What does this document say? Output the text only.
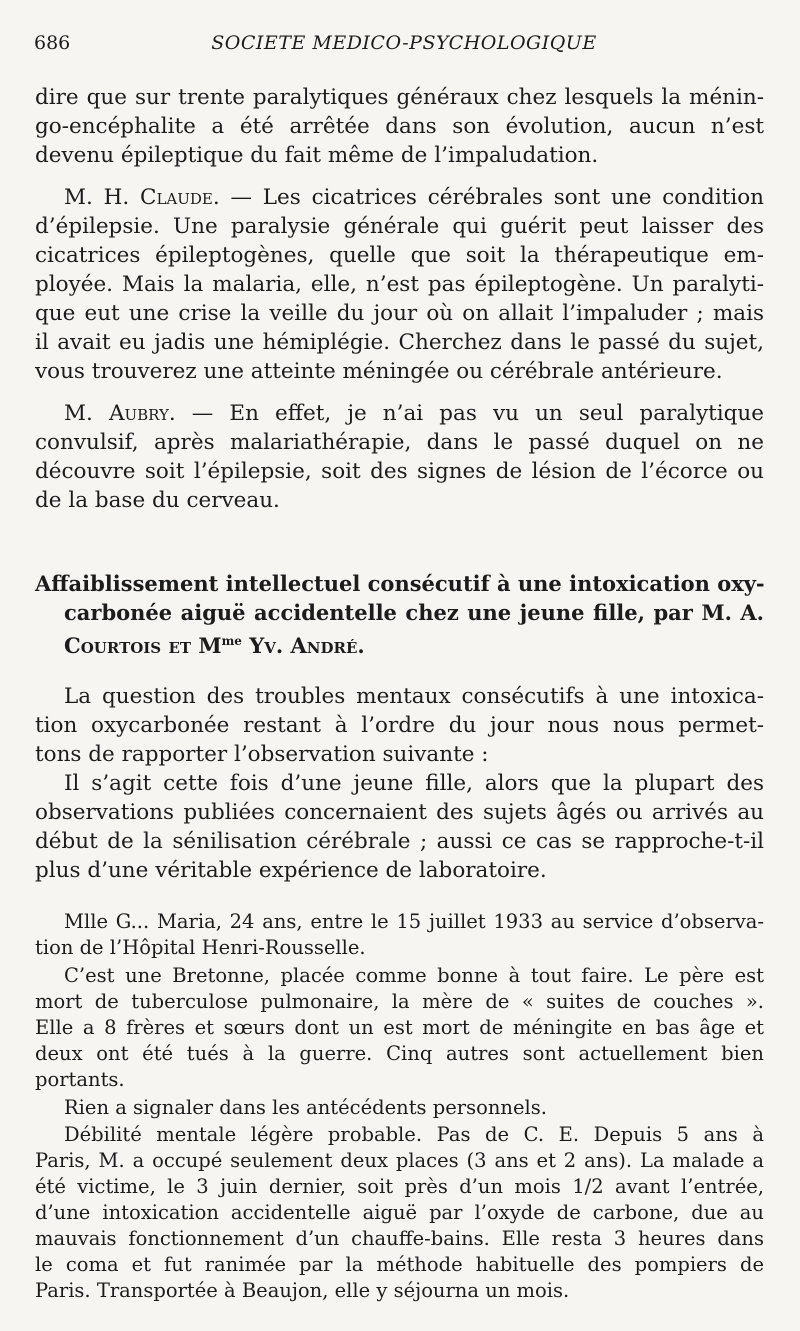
686	SOCIETE MEDICO-PSYCHOLOGIQUE
dire que sur trente paralytiques généraux chez lesquels la ménin-
go-encéphalite a été arrêtée dans son évolution, aucun n’est
devenu épileptique du fait même de l’impaludation.
M. H. Claude. — Les cicatrices cérébrales sont une condition
d’épilepsie. Une paralysie générale qui guérit peut laisser des
cicatrices épileptogènes, quelle que soit la thérapeutique em-
ployée. Mais la malaria, elle, n’est pas épileptogène. Un paralyti-
que eut une crise la veille du jour où on allait l’impaluder ; mais
il avait eu jadis une hémiplégie. Cherchez dans le passé du sujet,
vous trouverez une atteinte méningée ou cérébrale antérieure.
M. Aubry. — En effet, je n’ai pas vu un seul paralytique
convulsif, après malariathérapie, dans le passé duquel on ne
découvre soit l’épilepsie, soit des signes de lésion de l’écorce ou
de la base du cerveau.
Affaiblissement intellectuel consécutif à une intoxication oxy-
carbonée aiguë accidentelle chez une jeune fille, par M. A.
Courtois et $M^{me}$ Yv. André.
La question des troubles mentaux consécutifs à une intoxica-
tion oxycarbonée restant à l’ordre du jour nous nous permet-
tons de rapporter l’observation suivante :
Il s’agit cette fois d’une jeune fille, alors que la plupart des
observations publiées concernaient des sujets âgés ou arrivés au
début de la sénilisation cérébrale ; aussi ce cas se rapproche-t-il
plus d’une véritable expérience de laboratoire.
Mlle G... Maria, 24 ans, entre le 15 juillet 1933 au service d’observa-
tion de l’Hôpital Henri-Rousselle.
C’est une Bretonne, placée comme bonne à tout faire. Le père est
mort de tuberculose pulmonaire, la mère de « suites de couches ».
Elle a 8 frères et sœurs dont un est mort de méningite en bas âge et
deux ont été tués à la guerre. Cinq autres sont actuellement bien
portants.
Rien a signaler dans les antécédents personnels.
Débilité mentale légère probable. Pas de C. E. Depuis 5 ans à
Paris, M. a occupé seulement deux places (3 ans et 2 ans). La malade a
été victime, le 3 juin dernier, soit près d’un mois 1/2 avant l’entrée,
d’une intoxication accidentelle aiguë par l’oxyde de carbone, due au
mauvais fonctionnement d’un chauffe-bains. Elle resta 3 heures dans
le coma et fut ranimée par la méthode habituelle des pompiers de
Paris. Transportée à Beaujon, elle y séjourna un mois.
